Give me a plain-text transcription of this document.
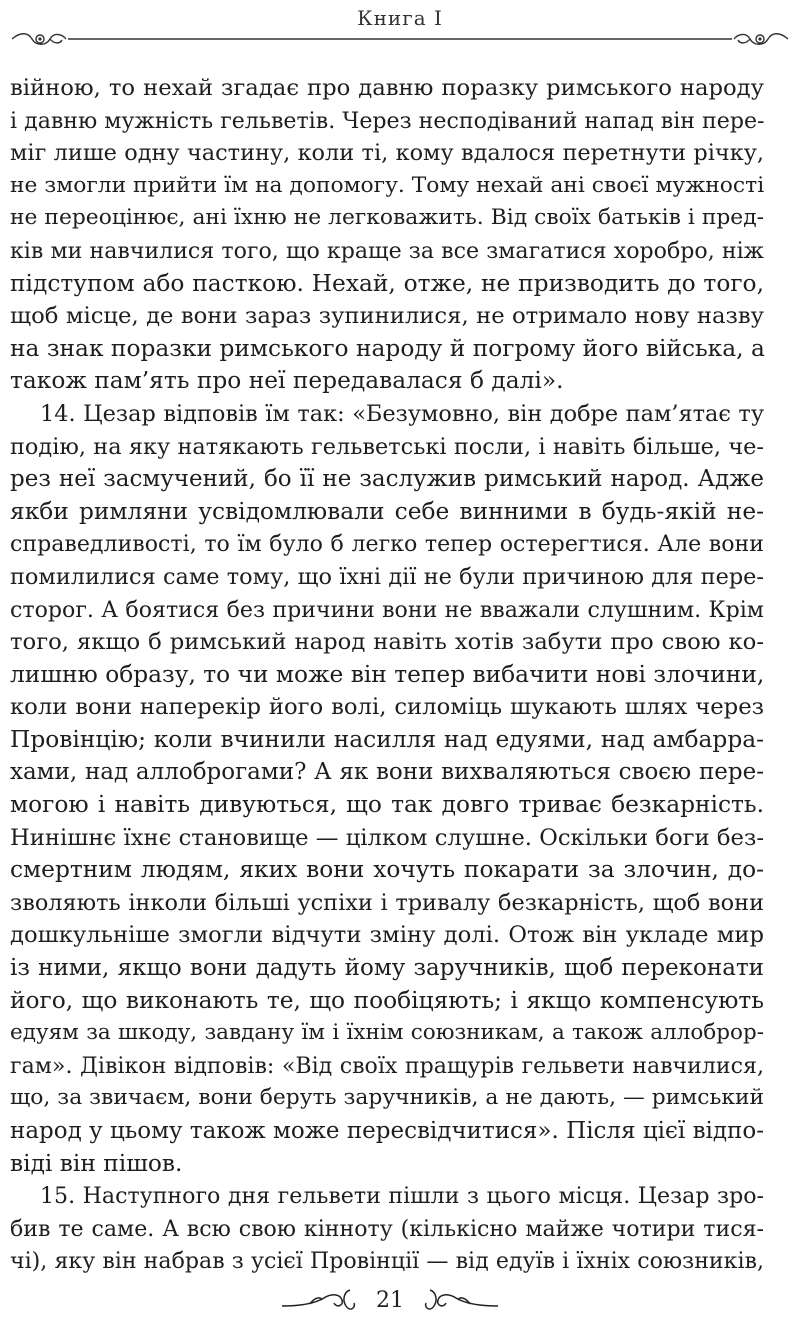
Книга I
війною, то нехай згадає про давню поразку римського народу
і давню мужність гельветів. Через несподіваний напад він пере-
міг лише одну частину, коли ті, кому вдалося перетнути річку,
не змогли прийти їм на допомогу. Тому нехай ані своєї мужності
не переоцінює, ані їхню не легковажить. Від своїх батьків і пред-
ків ми навчилися того, що краще за все змагатися хоробро, ніж
підступом або пасткою. Нехай, отже, не призводить до того,
щоб місце, де вони зараз зупинилися, не отримало нову назву
на знак поразки римського народу й погрому його війська, а
також пам’ять про неї передавалася б далі».
14. Цезар відповів їм так: «Безумовно, він добре пам’ятає ту
подію, на яку натякають гельветські посли, і навіть більше, че-
рез неї засмучений, бо її не заслужив римський народ. Адже
якби римляни усвідомлювали себе винними в будь-якій не-
справедливості, то їм було б легко тепер остерегтися. Але вони
помилилися саме тому, що їхні дії не були причиною для пере-
сторог. А боятися без причини вони не вважали слушним. Крім
того, якщо б римський народ навіть хотів забути про свою ко-
лишню образу, то чи може він тепер вибачити нові злочини,
коли вони наперекір його волі, силоміць шукають шлях через
Провінцію; коли вчинили насилля над едуями, над амбарра-
хами, над аллоброгами? А як вони вихваляються своєю пере-
могою і навіть дивуються, що так довго триває безкарність.
Нинішнє їхнє становище — цілком слушне. Оскільки боги без-
смертним людям, яких вони хочуть покарати за злочин, до-
зволяють інколи більші успіхи і тривалу безкарність, щоб вони
дошкульніше змогли відчути зміну долі. Отож він укладе мир
із ними, якщо вони дадуть йому заручників, щоб переконати
його, що виконають те, що пообіцяють; і якщо компенсують
едуям за шкоду, завдану їм і їхнім союзникам, а також аллоброр-
гам». Дівікон відповів: «Від своїх пращурів гельвети навчилися,
що, за звичаєм, вони беруть заручників, а не дають, — римський
народ у цьому також може пересвідчитися». Після цієї відпо-
віді він пішов.
15. Наступного дня гельвети пішли з цього місця. Цезар зро-
бив те саме. А всю свою кінноту (кількісно майже чотири тися-
чі), яку він набрав з усієї Провінції — від едуїв і їхніх союзників,
21
